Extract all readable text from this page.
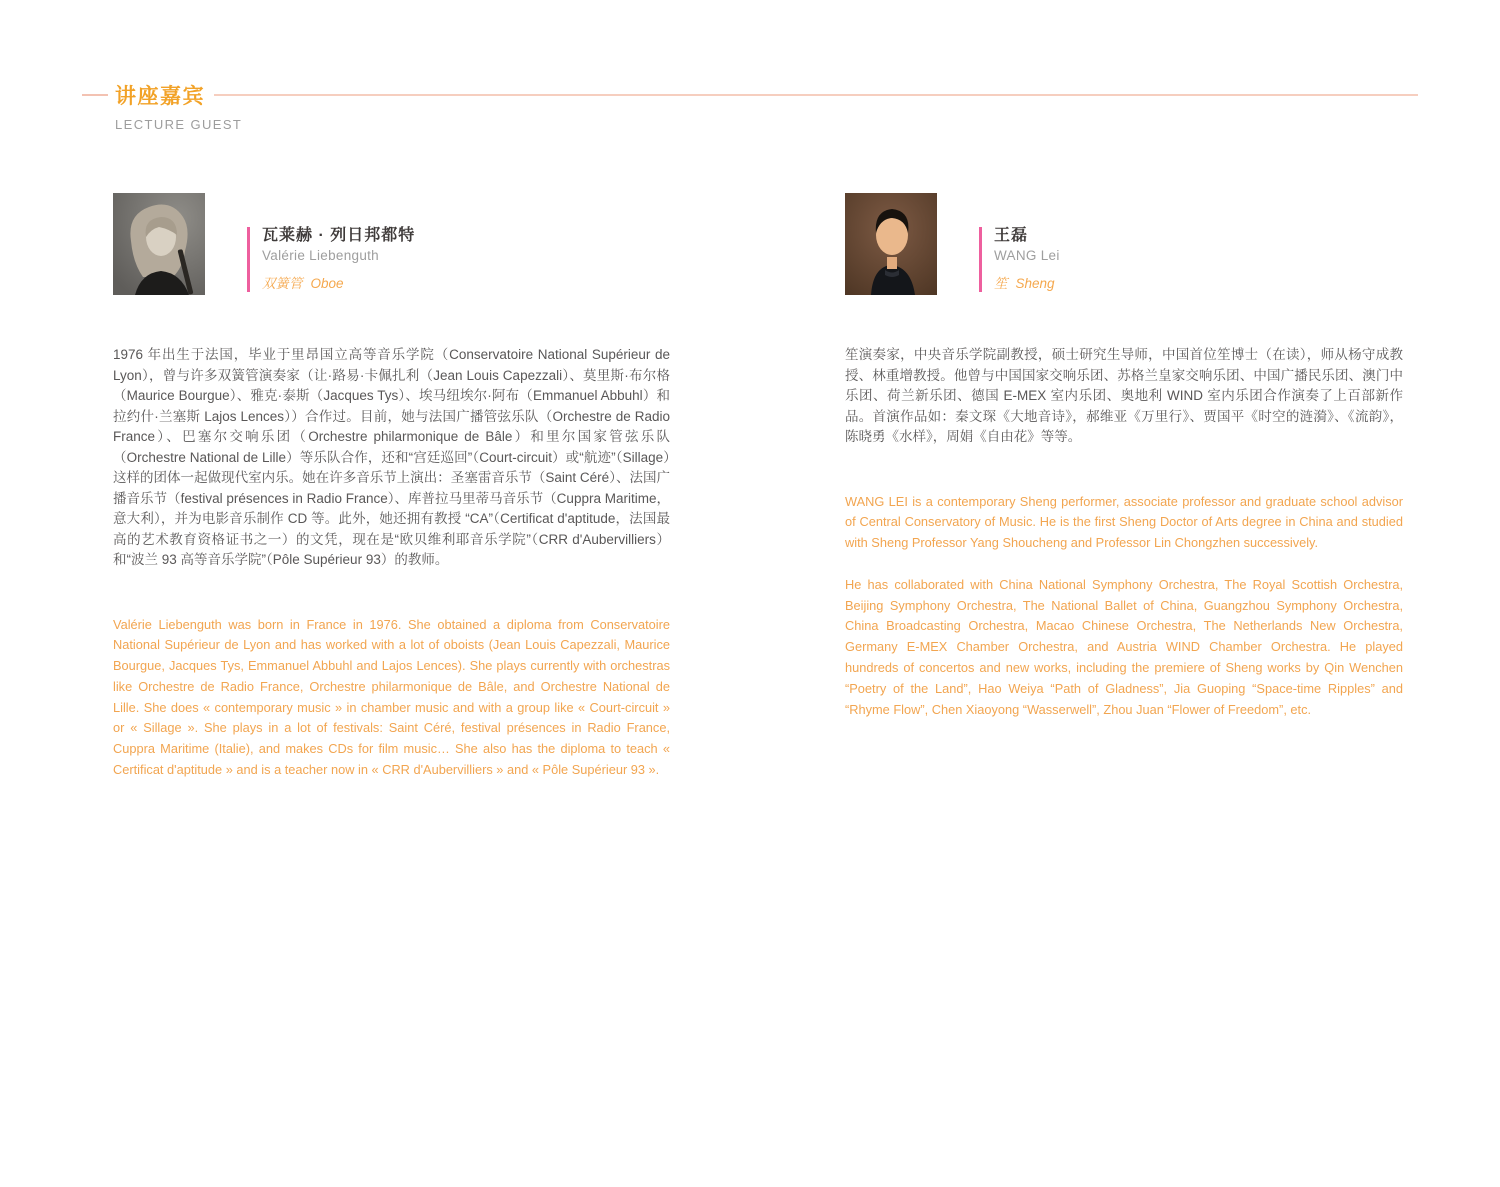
讲座嘉宾
LECTURE GUEST
瓦莱赫 · 列日邦都特
Valérie Liebenguth
双簧管 Oboe

1976 年出生于法国，毕业于里昂国立高等音乐学院（Conservatoire National Supérieur de Lyon），曾与许多双簧管演奏家（让·路易·卡佩扎利（Jean Louis Capezzali）、莫里斯·布尔格（Maurice Bourgue）、雅克·泰斯（Jacques Tys）、埃马纽埃尔·阿布（Emmanuel Abbuhl）和拉约什·兰塞斯 Lajos Lences））合作过。目前，她与法国广播管弦乐队（Orchestre de Radio France）、巴塞尔交响乐团（Orchestre philarmonique de Bâle）和里尔国家管弦乐队（Orchestre National de Lille）等乐队合作，还和“宫廷巡回”（Court-circuit）或“航迹”（Sillage）这样的团体一起做现代室内乐。她在许多音乐节上演出：圣塞雷音乐节（Saint Céré）、法国广播音乐节（festival présences in Radio France）、库普拉马里蒂马音乐节（Cuppra Maritime，意大利），并为电影音乐制作 CD 等。此外，她还拥有教授 “CA”（Certificat d'aptitude，法国最高的艺术教育资格证书之一）的文凭，现在是“欧贝维利耶音乐学院”（CRR d'Aubervilliers）和“波兰 93 高等音乐学院”（Pôle Supérieur 93）的教师。

Valérie Liebenguth was born in France in 1976. She obtained a diploma from Conservatoire National Supérieur de Lyon and has worked with a lot of oboists (Jean Louis Capezzali, Maurice Bourgue, Jacques Tys, Emmanuel Abbuhl and Lajos Lences). She plays currently with orchestras like Orchestre de Radio France, Orchestre philarmonique de Bâle, and Orchestre National de Lille. She does « contemporary music » in chamber music and with a group like « Court-circuit » or « Sillage ». She plays in a lot of festivals: Saint Céré, festival présences in Radio France, Cuppra Maritime (Italie), and makes CDs for film music… She also has the diploma to teach « Certificat d'aptitude » and is a teacher now in « CRR d'Aubervilliers » and « Pôle Supérieur 93 ».

王磊
WANG Lei
笙 Sheng

笙演奏家，中央音乐学院副教授，硕士研究生导师，中国首位笙博士（在读），师从杨守成教授、林重增教授。他曾与中国国家交响乐团、苏格兰皇家交响乐团、中国广播民乐团、澳门中乐团、荷兰新乐团、德国 E-MEX 室内乐团、奥地利 WIND 室内乐团合作演奏了上百部新作品。首演作品如：秦文琛《大地音诗》，郝维亚《万里行》、贾国平《时空的涟漪》、《流韵》，陈晓勇《水样》，周娟《自由花》等等。

WANG LEI is a contemporary Sheng performer, associate professor and graduate school advisor of Central Conservatory of Music. He is the first Sheng Doctor of Arts degree in China and studied with Sheng Professor Yang Shoucheng and Professor Lin Chongzhen successively.

He has collaborated with China National Symphony Orchestra, The Royal Scottish Orchestra, Beijing Symphony Orchestra, The National Ballet of China, Guangzhou Symphony Orchestra, China Broadcasting Orchestra, Macao Chinese Orchestra, The Netherlands New Orchestra, Germany E-MEX Chamber Orchestra, and Austria WIND Chamber Orchestra. He played hundreds of concertos and new works, including the premiere of Sheng works by Qin Wenchen “Poetry of the Land”, Hao Weiya “Path of Gladness”, Jia Guoping “Space-time Ripples” and “Rhyme Flow”, Chen Xiaoyong “Wasserwell”, Zhou Juan “Flower of Freedom”, etc.
